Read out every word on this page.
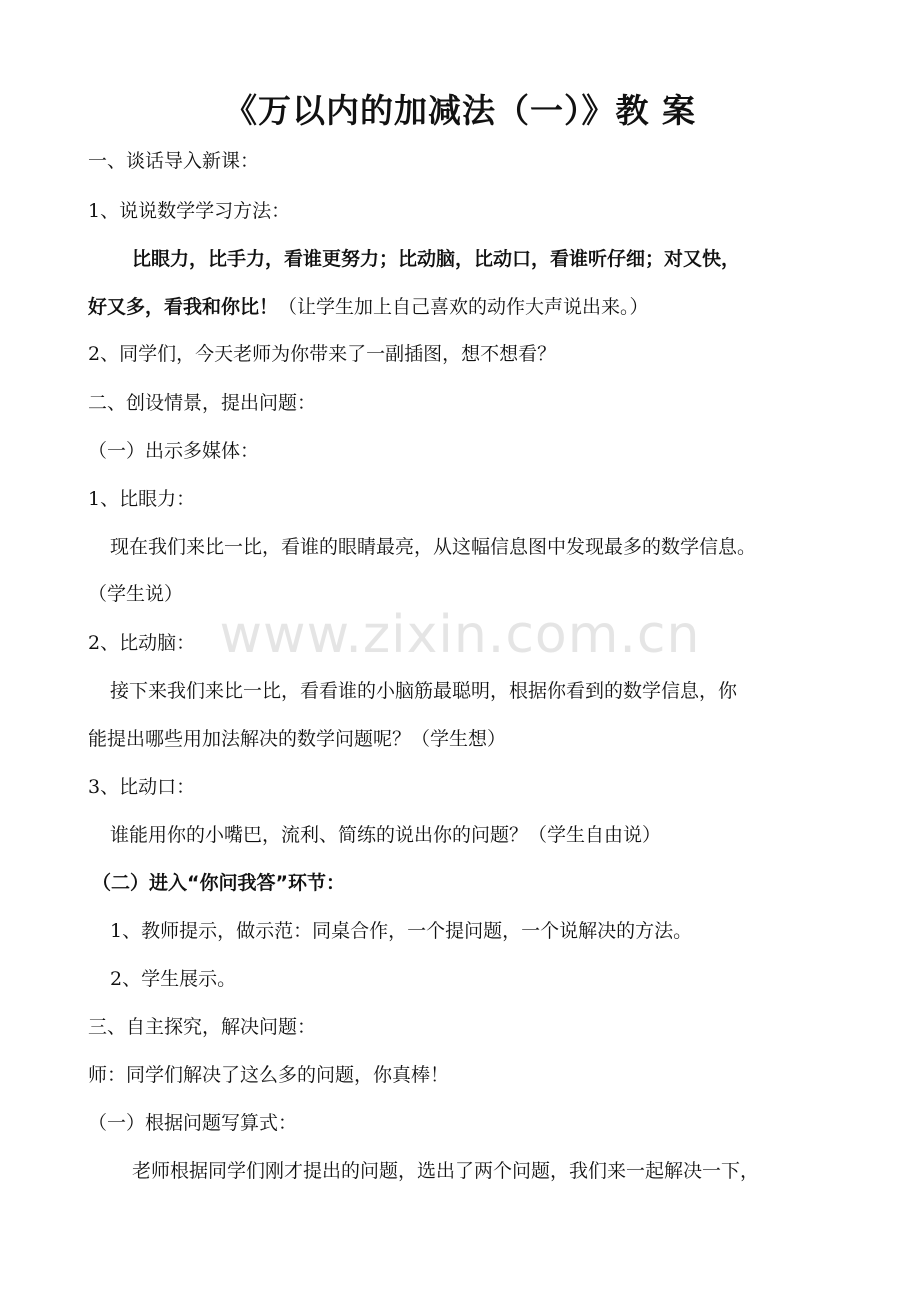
《万以内的加减法（一）》教 案
www.zixin.com.cn
一、谈话导入新课：
1、说说数学学习方法：
比眼力，比手力，看谁更努力；比动脑，比动口，看谁听仔细；对又快，
好又多，看我和你比！（让学生加上自己喜欢的动作大声说出来。）
2、同学们，今天老师为你带来了一副插图，想不想看？
二、创设情景，提出问题：
（一）出示多媒体：
1、比眼力：
现在我们来比一比，看谁的眼睛最亮，从这幅信息图中发现最多的数学信息。
（学生说）
2、比动脑：
接下来我们来比一比，看看谁的小脑筋最聪明，根据你看到的数学信息，你
能提出哪些用加法解决的数学问题呢？（学生想）
3、比动口：
谁能用你的小嘴巴，流利、简练的说出你的问题？（学生自由说）
（二）进入“你问我答”环节：
1、教师提示，做示范：同桌合作，一个提问题，一个说解决的方法。
2、学生展示。
三、自主探究，解决问题：
师：同学们解决了这么多的问题，你真棒！
（一）根据问题写算式：
老师根据同学们刚才提出的问题，选出了两个问题，我们来一起解决一下，
